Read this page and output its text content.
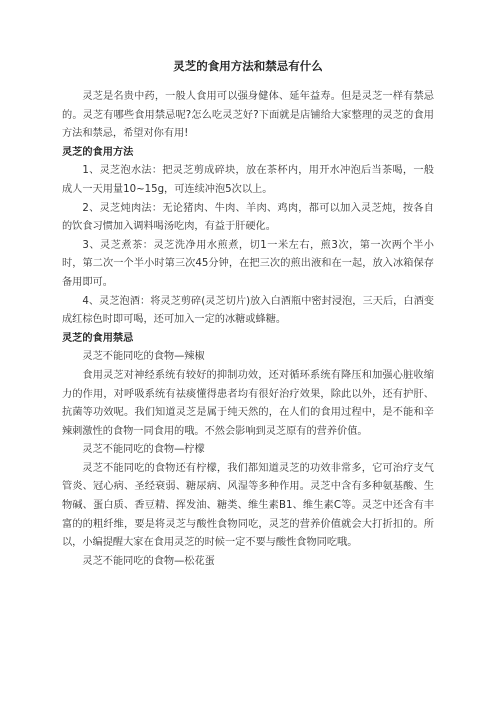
灵芝的食用方法和禁忌有什么

灵芝是名贵中药，一般人食用可以强身健体、延年益寿。但是灵芝一样有禁忌的。灵芝有哪些食用禁忌呢?怎么吃灵芝好?下面就是店铺给大家整理的灵芝的食用方法和禁忌，希望对你有用!

灵芝的食用方法

1、灵芝泡水法：把灵芝剪成碎块，放在茶杯内，用开水冲泡后当茶喝，一般成人一天用量10~15g，可连续冲泡5次以上。

2、灵芝炖肉法：无论猪肉、牛肉、羊肉、鸡肉，都可以加入灵芝炖，按各自的饮食习惯加入调料喝汤吃肉，有益于肝硬化。

3、灵芝煮茶：灵芝洗净用水煎煮，切1一米左右，煎3次，第一次两个半小时，第二次一个半小时第三次45分钟，在把三次的煎出液和在一起，放入冰箱保存备用即可。

4、灵芝泡酒：将灵芝剪碎(灵芝切片)放入白酒瓶中密封浸泡，三天后，白酒变成红棕色时即可喝，还可加入一定的冰糖或蜂糖。

灵芝的食用禁忌

灵芝不能同吃的食物—辣椒

食用灵芝对神经系统有较好的抑制功效，还对循环系统有降压和加强心脏收缩力的作用，对呼吸系统有祛痰懂得患者均有很好治疗效果，除此以外，还有护肝、抗菌等功效呢。我们知道灵芝是属于纯天然的，在人们的食用过程中，是不能和辛辣刺激性的食物一同食用的哦。不然会影响到灵芝原有的营养价值。

灵芝不能同吃的食物—柠檬

灵芝不能同吃的食物还有柠檬，我们都知道灵芝的功效非常多，它可治疗支气管炎、冠心病、圣经衰弱、糖尿病、风湿等多种作用。灵芝中含有多种氨基酸、生物碱、蛋白质、香豆精、挥发油、糖类、维生素B1、维生素C等。灵芝中还含有丰富的的粗纤维，要是将灵芝与酸性食物同吃，灵芝的营养价值就会大打折扣的。所以，小编提醒大家在食用灵芝的时候一定不要与酸性食物同吃哦。

灵芝不能同吃的食物—松花蛋
